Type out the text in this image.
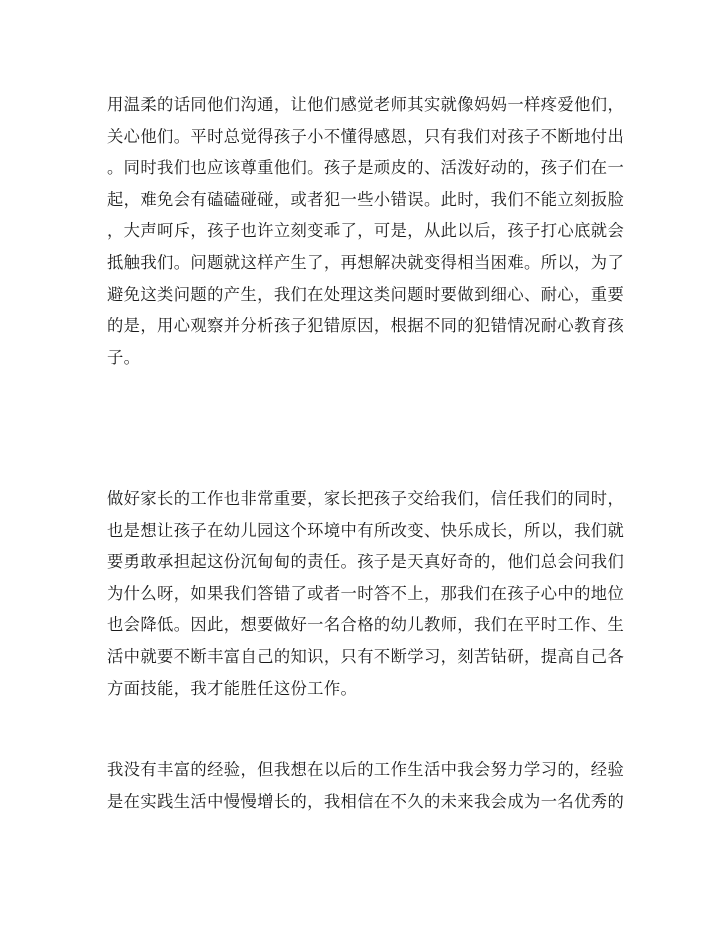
用温柔的话同他们沟通，让他们感觉老师其实就像妈妈一样疼爱他们，
关心他们。平时总觉得孩子小不懂得感恩，只有我们对孩子不断地付出
。同时我们也应该尊重他们。孩子是顽皮的、活泼好动的，孩子们在一
起，难免会有磕磕碰碰，或者犯一些小错误。此时，我们不能立刻扳脸
，大声呵斥，孩子也许立刻变乖了，可是，从此以后，孩子打心底就会
抵触我们。问题就这样产生了，再想解决就变得相当困难。所以，为了
避免这类问题的产生，我们在处理这类问题时要做到细心、耐心，重要
的是，用心观察并分析孩子犯错原因，根据不同的犯错情况耐心教育孩
子。
做好家长的工作也非常重要，家长把孩子交给我们，信任我们的同时，
也是想让孩子在幼儿园这个环境中有所改变、快乐成长，所以，我们就
要勇敢承担起这份沉甸甸的责任。孩子是天真好奇的，他们总会问我们
为什么呀，如果我们答错了或者一时答不上，那我们在孩子心中的地位
也会降低。因此，想要做好一名合格的幼儿教师，我们在平时工作、生
活中就要不断丰富自己的知识，只有不断学习，刻苦钻研，提高自己各
方面技能，我才能胜任这份工作。
我没有丰富的经验，但我想在以后的工作生活中我会努力学习的，经验
是在实践生活中慢慢增长的，我相信在不久的未来我会成为一名优秀的
